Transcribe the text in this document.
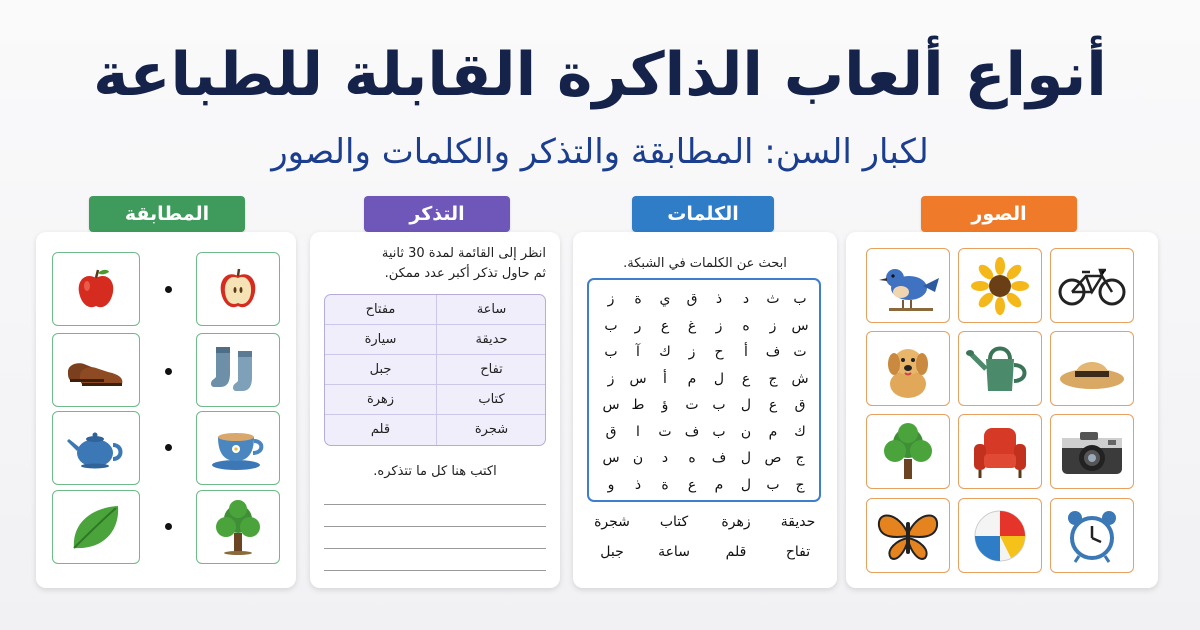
أنواع ألعاب الذاكرة القابلة للطباعة
لكبار السن: المطابقة والتذكر والكلمات والصور
المطابقة	التذكر
انظر إلى القائمة لمدة 30 ثانية
ثم حاول تذكر أكبر عدد ممكن.
ساعة
مفتاح
حديقة
سيارة
تفاح
جبل
كتاب
زهرة
شجرة
قلم
اكتب هنا كل ما تتذكره.
الكلمات
ابحث عن الكلمات في الشبكة.
ب
ث
د
ذ
ق
ي
ة
ز
س
ز
ه
ز
غ
ع
ر
ب
ت
ف
أ
ح
ز
ك
آ
ب
ش
ج
ع
ل
م
أ
س
ز
ق
ع
ل
ب
ت
ؤ
ط
س
ك
م
ن
ب
ف
ت
ا
ق
ج
ص
ل
ف
ه
د
ن
س
ج
ب
ل
م
ع
ة
ذ
و
حديقة
زهرة
كتاب
شجرة
تفاح
قلم
ساعة
جبل
الصور
